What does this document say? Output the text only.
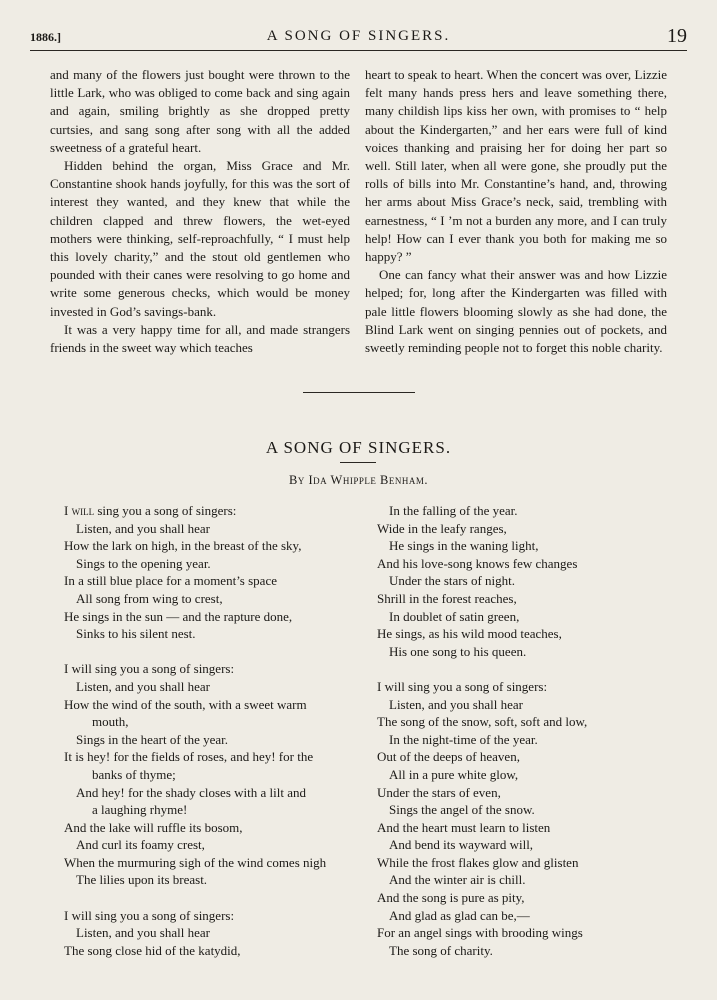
1886.]	A SONG OF SINGERS.	19

and many of the flowers just bought were thrown to the little Lark, who was obliged to come back and sing again and again, smiling brightly as she dropped pretty curtsies, and sang song after song with all the added sweetness of a grateful heart.

Hidden behind the organ, Miss Grace and Mr. Constantine shook hands joyfully, for this was the sort of interest they wanted, and they knew that while the children clapped and threw flowers, the wet-eyed mothers were thinking, self-reproachfully, “ I must help this lovely charity,” and the stout old gentlemen who pounded with their canes were resolving to go home and write some generous checks, which would be money invested in God’s savings-bank.

It was a very happy time for all, and made strangers friends in the sweet way which teaches

heart to speak to heart. When the concert was over, Lizzie felt many hands press hers and leave something there, many childish lips kiss her own, with promises to “ help about the Kindergarten,” and her ears were full of kind voices thanking and praising her for doing her part so well. Still later, when all were gone, she proudly put the rolls of bills into Mr. Constantine’s hand, and, throwing her arms about Miss Grace’s neck, said, trembling with earnestness, “ I ’m not a burden any more, and I can truly help! How can I ever thank you both for making me so happy? ”

One can fancy what their answer was and how Lizzie helped; for, long after the Kindergarten was filled with pale little flowers blooming slowly as she had done, the Blind Lark went on singing pennies out of pockets, and sweetly reminding people not to forget this noble charity.

A SONG OF SINGERS.
By Ida Whipple Benham.
I will sing you a song of singers:
Listen, and you shall hear
How the lark on high, in the breast of the sky,
Sings to the opening year.
In a still blue place for a moment’s space
All song from wing to crest,
He sings in the sun — and the rapture done,
Sinks to his silent nest.
I will sing you a song of singers:
Listen, and you shall hear
How the wind of the south, with a sweet warm
mouth,
Sings in the heart of the year.
It is hey! for the fields of roses, and hey! for the
banks of thyme;
And hey! for the shady closes with a lilt and
a laughing rhyme!
And the lake will ruffle its bosom,
And curl its foamy crest,
When the murmuring sigh of the wind comes nigh
The lilies upon its breast.
I will sing you a song of singers:
Listen, and you shall hear
The song close hid of the katydid,
In the falling of the year.
Wide in the leafy ranges,
He sings in the waning light,
And his love-song knows few changes
Under the stars of night.
Shrill in the forest reaches,
In doublet of satin green,
He sings, as his wild mood teaches,
His one song to his queen.
I will sing you a song of singers:
Listen, and you shall hear
The song of the snow, soft, soft and low,
In the night-time of the year.
Out of the deeps of heaven,
All in a pure white glow,
Under the stars of even,
Sings the angel of the snow.
And the heart must learn to listen
And bend its wayward will,
While the frost flakes glow and glisten
And the winter air is chill.
And the song is pure as pity,
And glad as glad can be,—
For an angel sings with brooding wings
The song of charity.
